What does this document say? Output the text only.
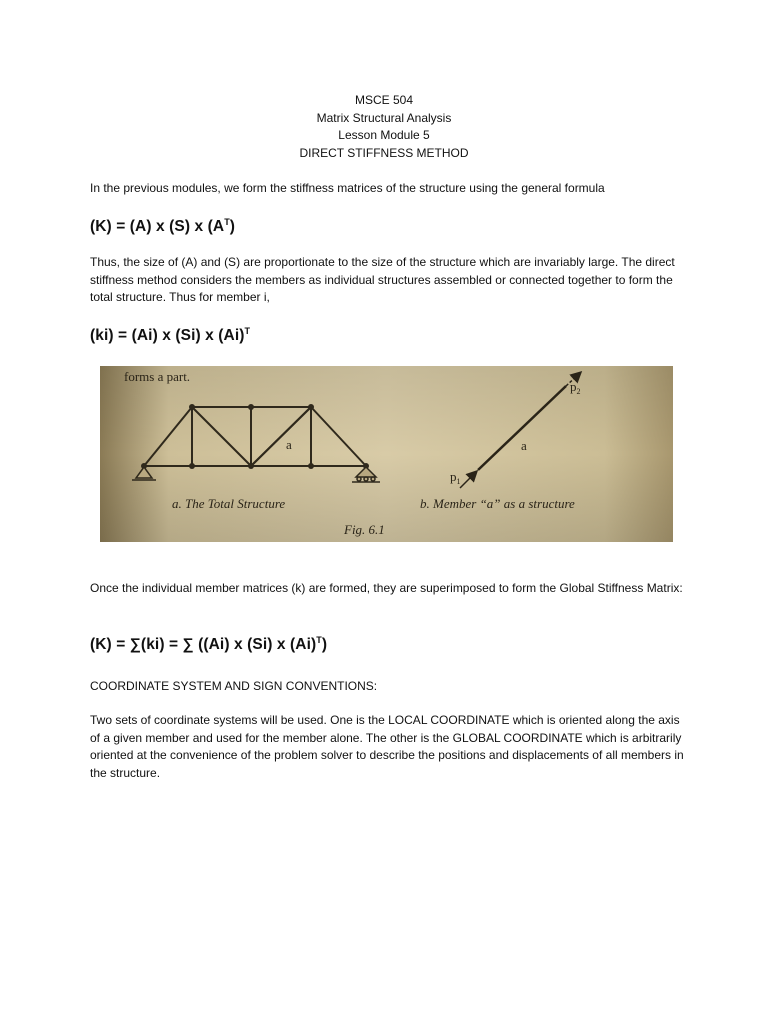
MSCE 504
Matrix Structural Analysis
Lesson Module 5
DIRECT STIFFNESS METHOD
In the previous modules, we form the stiffness matrices of the structure using the general formula
(K) = (A) x (S) x $(A^T)$
Thus, the size of (A) and (S) are proportionate to the size of the structure which are invariably large. The direct stiffness method considers the members as individual structures assembled or connected together to form the total structure. Thus for member i,
(ki) = (Ai) x (Si) x $(Ai)^T$
forms a part.
a
$p_2$
a
$p_1$
a. The Total Structure	b. Member “a” as a structure
Fig. 6.1
Once the individual member matrices (k) are formed, they are superimposed to form the Global Stiffness Matrix:
(K) = ∑(ki) = ∑ ((Ai) x (Si) x $(Ai)^T$)
COORDINATE SYSTEM AND SIGN CONVENTIONS:
Two sets of coordinate systems will be used. One is the LOCAL COORDINATE which is oriented along the axis of a given member and used for the member alone. The other is the GLOBAL COORDINATE which is arbitrarily oriented at the convenience of the problem solver to describe the positions and displacements of all members in the structure.
